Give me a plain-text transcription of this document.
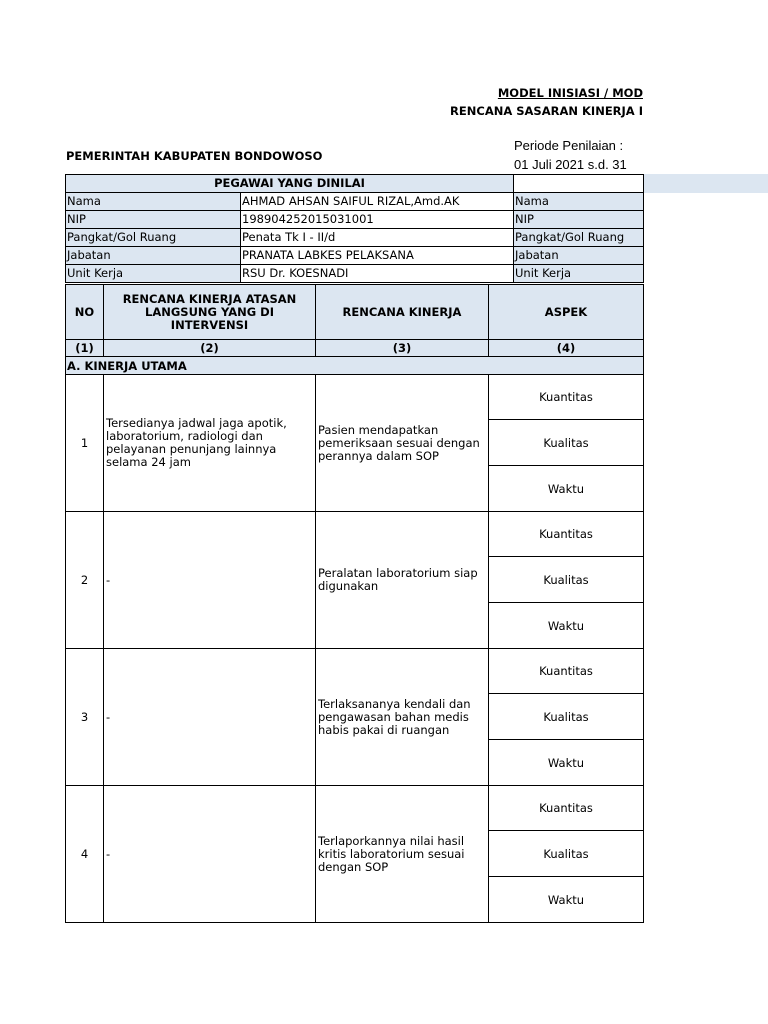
MODEL INISIASI / MOD
RENCANA SASARAN KINERJA I
PEMERINTAH KABUPATEN BONDOWOSO
Periode Penilaian :
01 Juli 2021 s.d. 31
PEGAWAI YANG DINILAI		
Nama	AHMAD AHSAN SAIFUL RIZAL,Amd.AK	Nama
NIP	198904252015031001	NIP
Pangkat/Gol Ruang	Penata Tk I - II/d	Pangkat/Gol Ruang
Jabatan	PRANATA LABKES PELAKSANA	Jabatan
Unit Kerja	RSU Dr. KOESNADI	Unit Kerja
NO	RENCANA KINERJA ATASAN LANGSUNG YANG DI INTERVENSI	RENCANA KINERJA	ASPEK
(1)	(2)	(3)	(4)
A. KINERJA UTAMA			
1	Tersedianya jadwal jaga apotik, laboratorium, radiologi dan pelayanan penunjang lainnya selama 24 jam	Pasien mendapatkan pemeriksaan sesuai dengan perannya dalam SOP	Kuantitas
			Kualitas
			Waktu
2	-	Peralatan laboratorium siap digunakan	Kuantitas
			Kualitas
			Waktu
3	-	Terlaksananya kendali dan pengawasan bahan medis habis pakai di ruangan	Kuantitas
			Kualitas
			Waktu
4	-	Terlaporkannya nilai hasil kritis laboratorium sesuai dengan SOP	Kuantitas
			Kualitas
			Waktu
